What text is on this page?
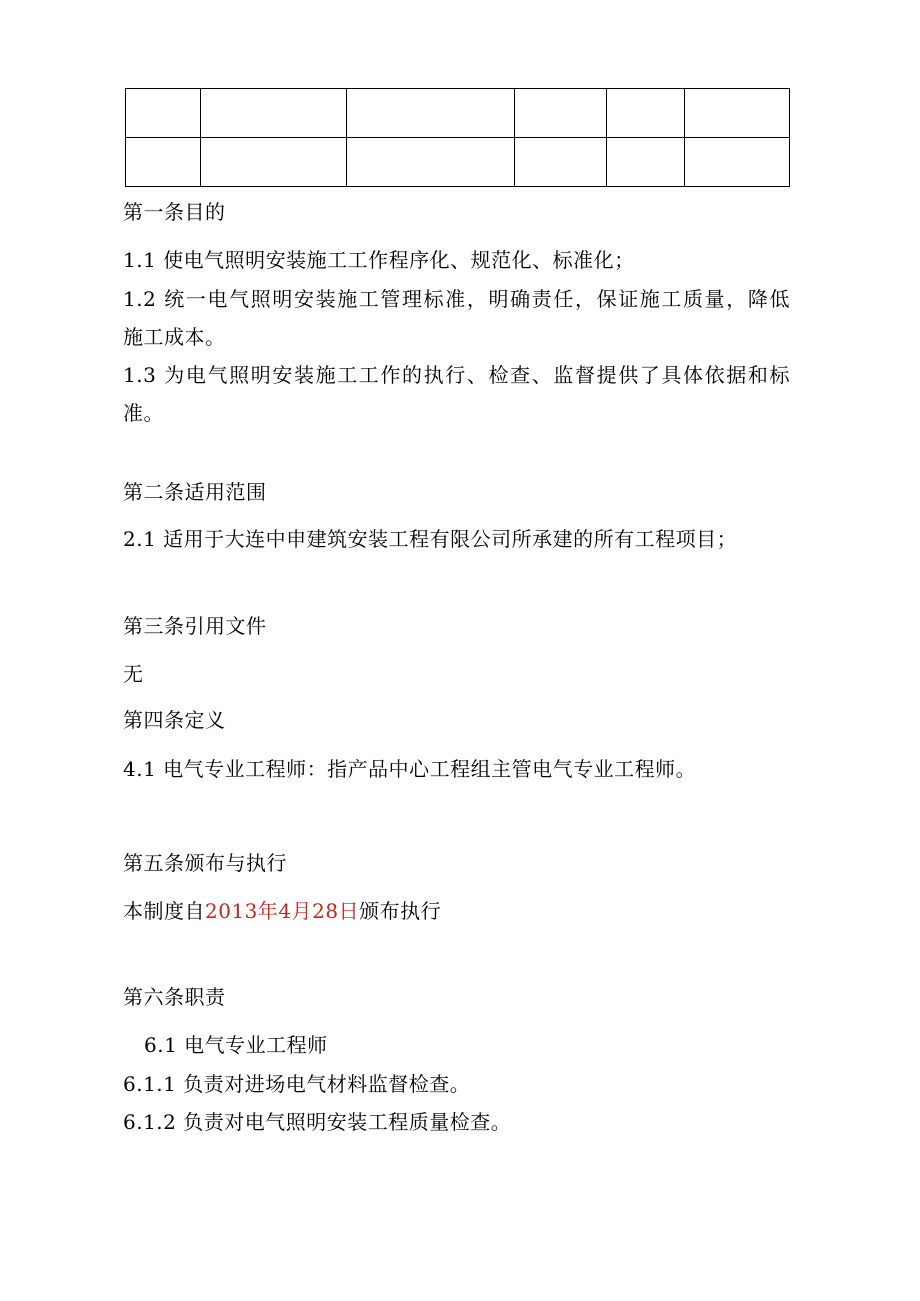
第一条目的
1.1 使电气照明安装施工工作程序化、规范化、标准化；
1.2 统一电气照明安装施工管理标准，明确责任，保证施工质量，降低
施工成本。
1.3 为电气照明安装施工工作的执行、检查、监督提供了具体依据和标
准。
第二条适用范围
2.1 适用于大连中申建筑安装工程有限公司所承建的所有工程项目；
第三条引用文件
无
第四条定义
4.1 电气专业工程师：指产品中心工程组主管电气专业工程师。
第五条颁布与执行
本制度自2013年4月28日颁布执行
第六条职责
6.1 电气专业工程师
6.1.1 负责对进场电气材料监督检查。
6.1.2 负责对电气照明安装工程质量检查。
